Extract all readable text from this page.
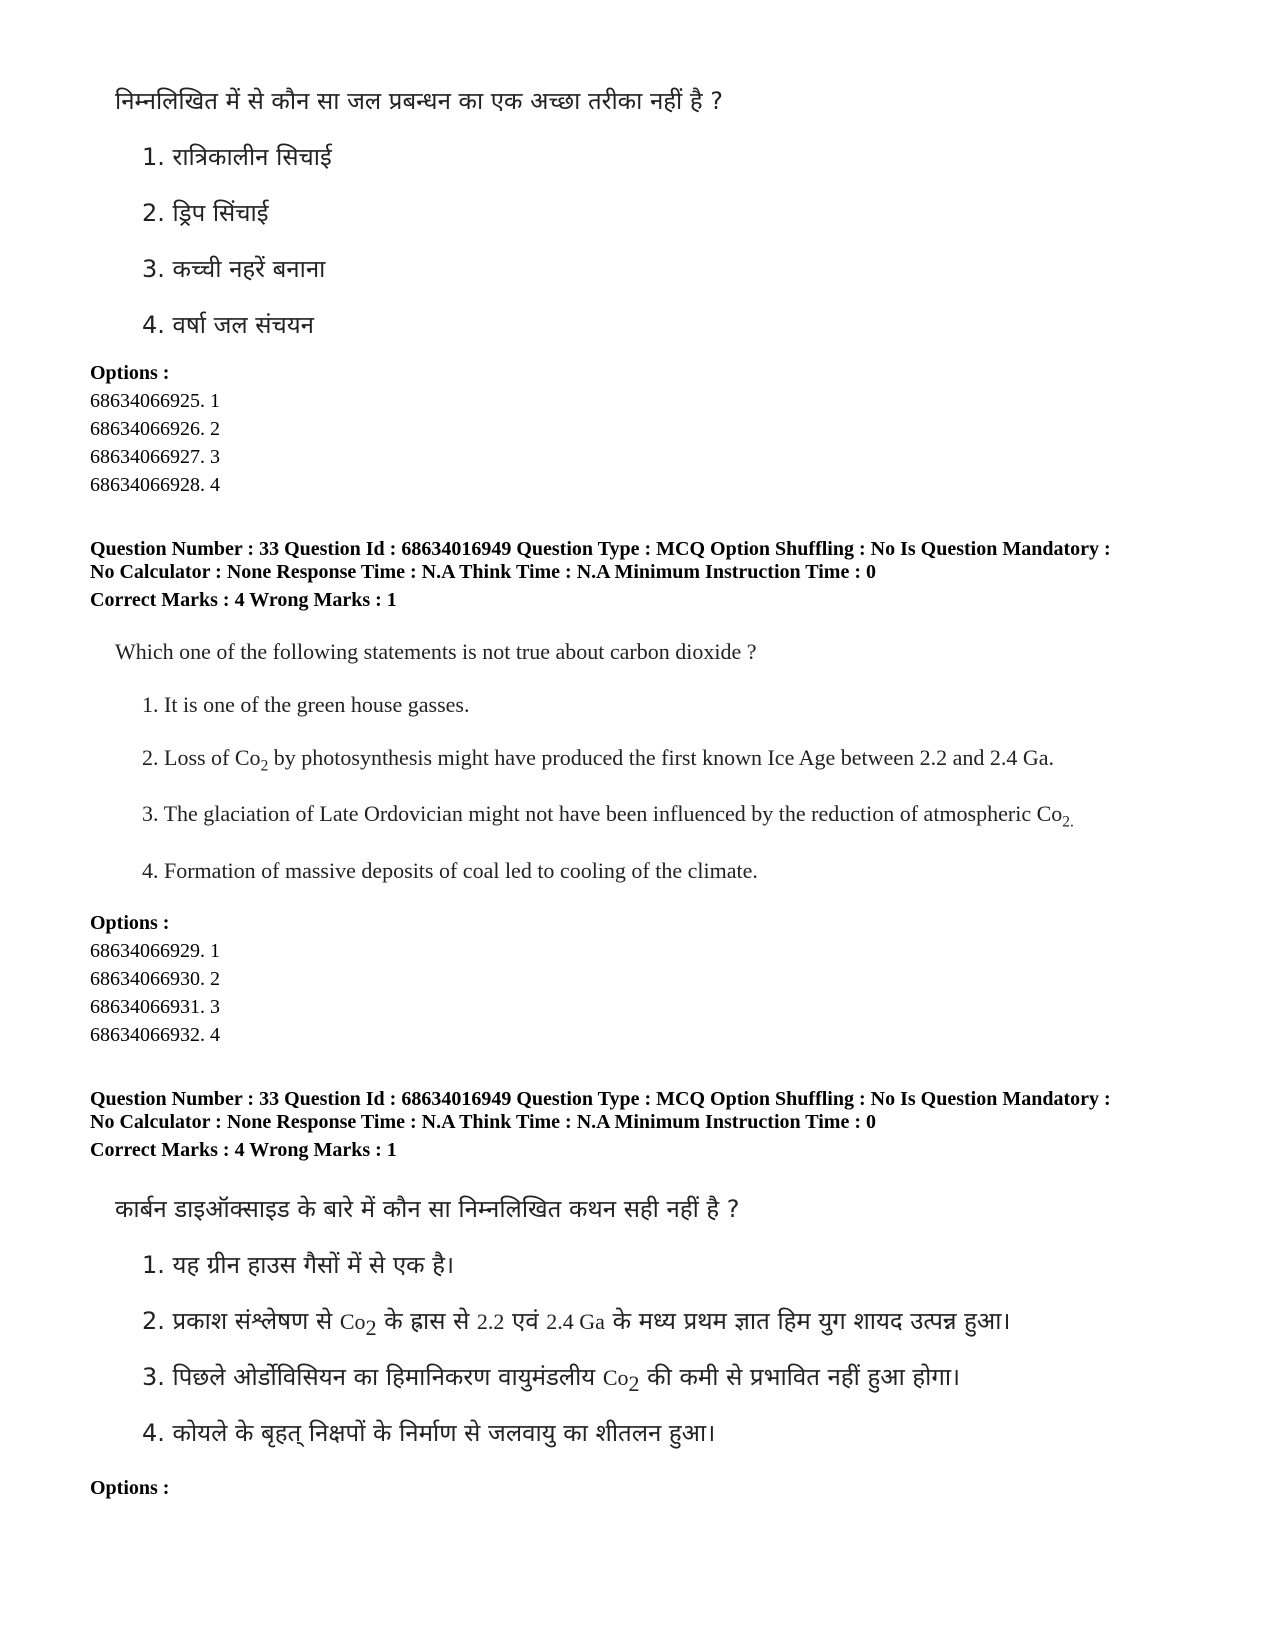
निम्नलिखित में से कौन सा जल प्रबन्धन का एक अच्छा तरीका नहीं है ?
1. रात्रिकालीन सिचाई
2. ड्रिप सिंचाई
3. कच्ची नहरें बनाना
4. वर्षा जल संचयन
Options :
68634066925. 1
68634066926. 2
68634066927. 3
68634066928. 4
Question Number : 33 Question Id : 68634016949 Question Type : MCQ Option Shuffling : No Is Question Mandatory :
No Calculator : None Response Time : N.A Think Time : N.A Minimum Instruction Time : 0
Correct Marks : 4 Wrong Marks : 1
Which one of the following statements is not true about carbon dioxide ?
1. It is one of the green house gasses.
2. Loss of $Co_2$ by photosynthesis might have produced the first known Ice Age between 2.2 and 2.4 Ga.
3. The glaciation of Late Ordovician might not have been influenced by the reduction of atmospheric $Co_{2.}$
4. Formation of massive deposits of coal led to cooling of the climate.
Options :
68634066929. 1
68634066930. 2
68634066931. 3
68634066932. 4
Question Number : 33 Question Id : 68634016949 Question Type : MCQ Option Shuffling : No Is Question Mandatory :
No Calculator : None Response Time : N.A Think Time : N.A Minimum Instruction Time : 0
Correct Marks : 4 Wrong Marks : 1
कार्बन डाइऑक्साइड के बारे में कौन सा निम्नलिखित कथन सही नहीं है ?
1. यह ग्रीन हाउस गैसों में से एक है।
2. प्रकाश संश्लेषण से $Co_2$ के ह्रास से 2.2 एवं 2.4 Ga के मध्य प्रथम ज्ञात हिम युग शायद उत्पन्न हुआ।
3. पिछले ओर्डोविसियन का हिमानिकरण वायुमंडलीय $Co_2$ की कमी से प्रभावित नहीं हुआ होगा।
4. कोयले के बृहत् निक्षपों के निर्माण से जलवायु का शीतलन हुआ।
Options :
